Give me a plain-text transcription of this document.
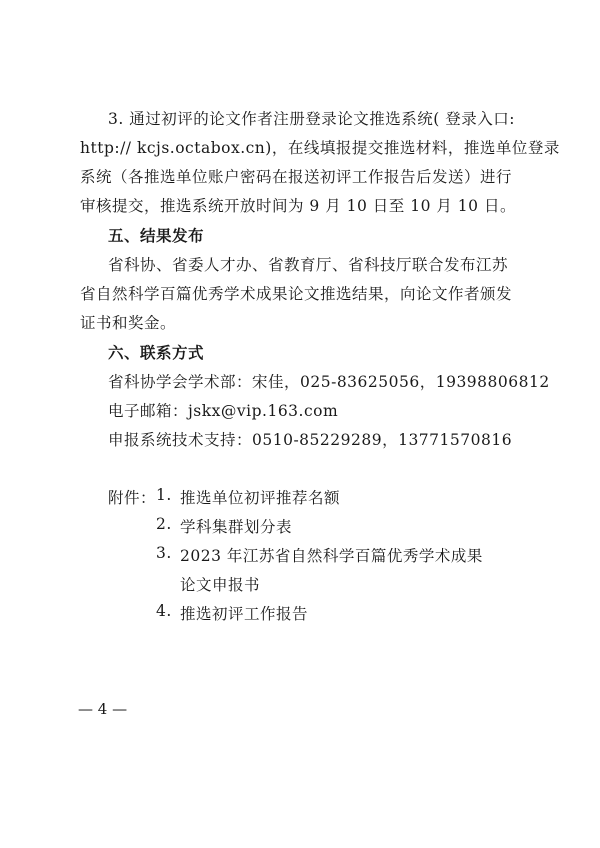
3. 通过初评的论文作者注册登录论文推选系统( 登录入口:
http:// kcjs.octabox.cn)，在线填报提交推选材料，推选单位登录
系统（各推选单位账户密码在报送初评工作报告后发送）进行
审核提交，推选系统开放时间为 9 月 10 日至 10 月 10 日。
五、结果发布
省科协、省委人才办、省教育厅、省科技厅联合发布江苏
省自然科学百篇优秀学术成果论文推选结果，向论文作者颁发
证书和奖金。
六、联系方式
省科协学会学术部：宋佳，025-83625056，19398806812
电子邮箱：jskx@vip.163.com
申报系统技术支持：0510-85229289，13771570816
附件： 1. 推选单位初评推荐名额
2. 学科集群划分表
3. 2023 年江苏省自然科学百篇优秀学术成果
论文申报书
4. 推选初评工作报告
— 4 —
